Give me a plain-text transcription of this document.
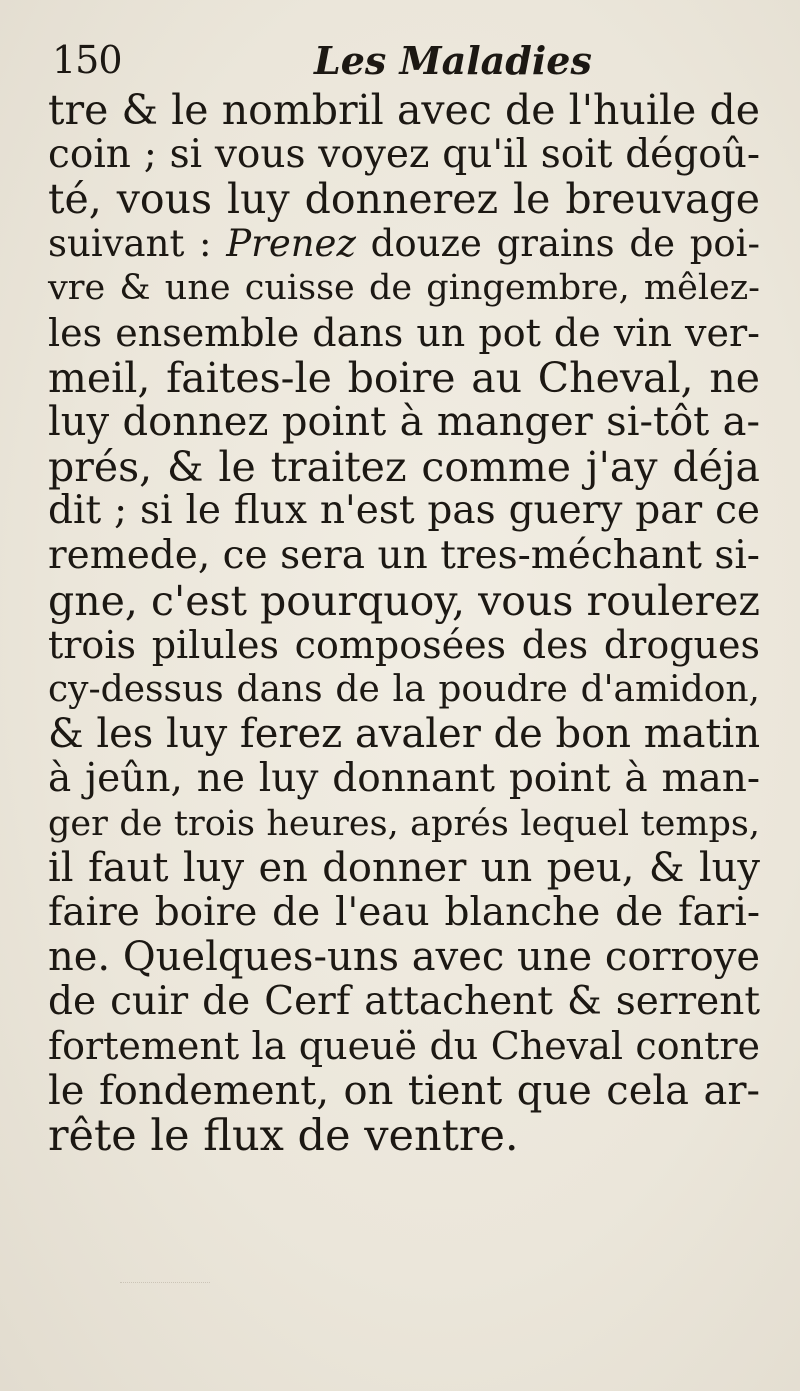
150	Les Maladies
tre & le nombril avec de l'huile de
coin ; si vous voyez qu'il soit dégoû-
té, vous luy donnerez le breuvage
suivant : Prenez douze grains de poi-
vre & une cuisse de gingembre, mêlez-
les ensemble dans un pot de vin ver-
meil, faites-le boire au Cheval, ne
luy donnez point à manger si-tôt a-
prés, & le traitez comme j'ay déja
dit ; si le flux n'est pas guery par ce
remede, ce sera un tres-méchant si-
gne, c'est pourquoy, vous roulerez
trois pilules composées des drogues
cy-dessus dans de la poudre d'amidon,
& les luy ferez avaler de bon matin
à jeûn, ne luy donnant point à man-
ger de trois heures, aprés lequel temps,
il faut luy en donner un peu, & luy
faire boire de l'eau blanche de fari-
ne. Quelques-uns avec une corroye
de cuir de Cerf attachent & serrent
fortement la queuë du Cheval contre
le fondement, on tient que cela ar-
rête le flux de ventre.
